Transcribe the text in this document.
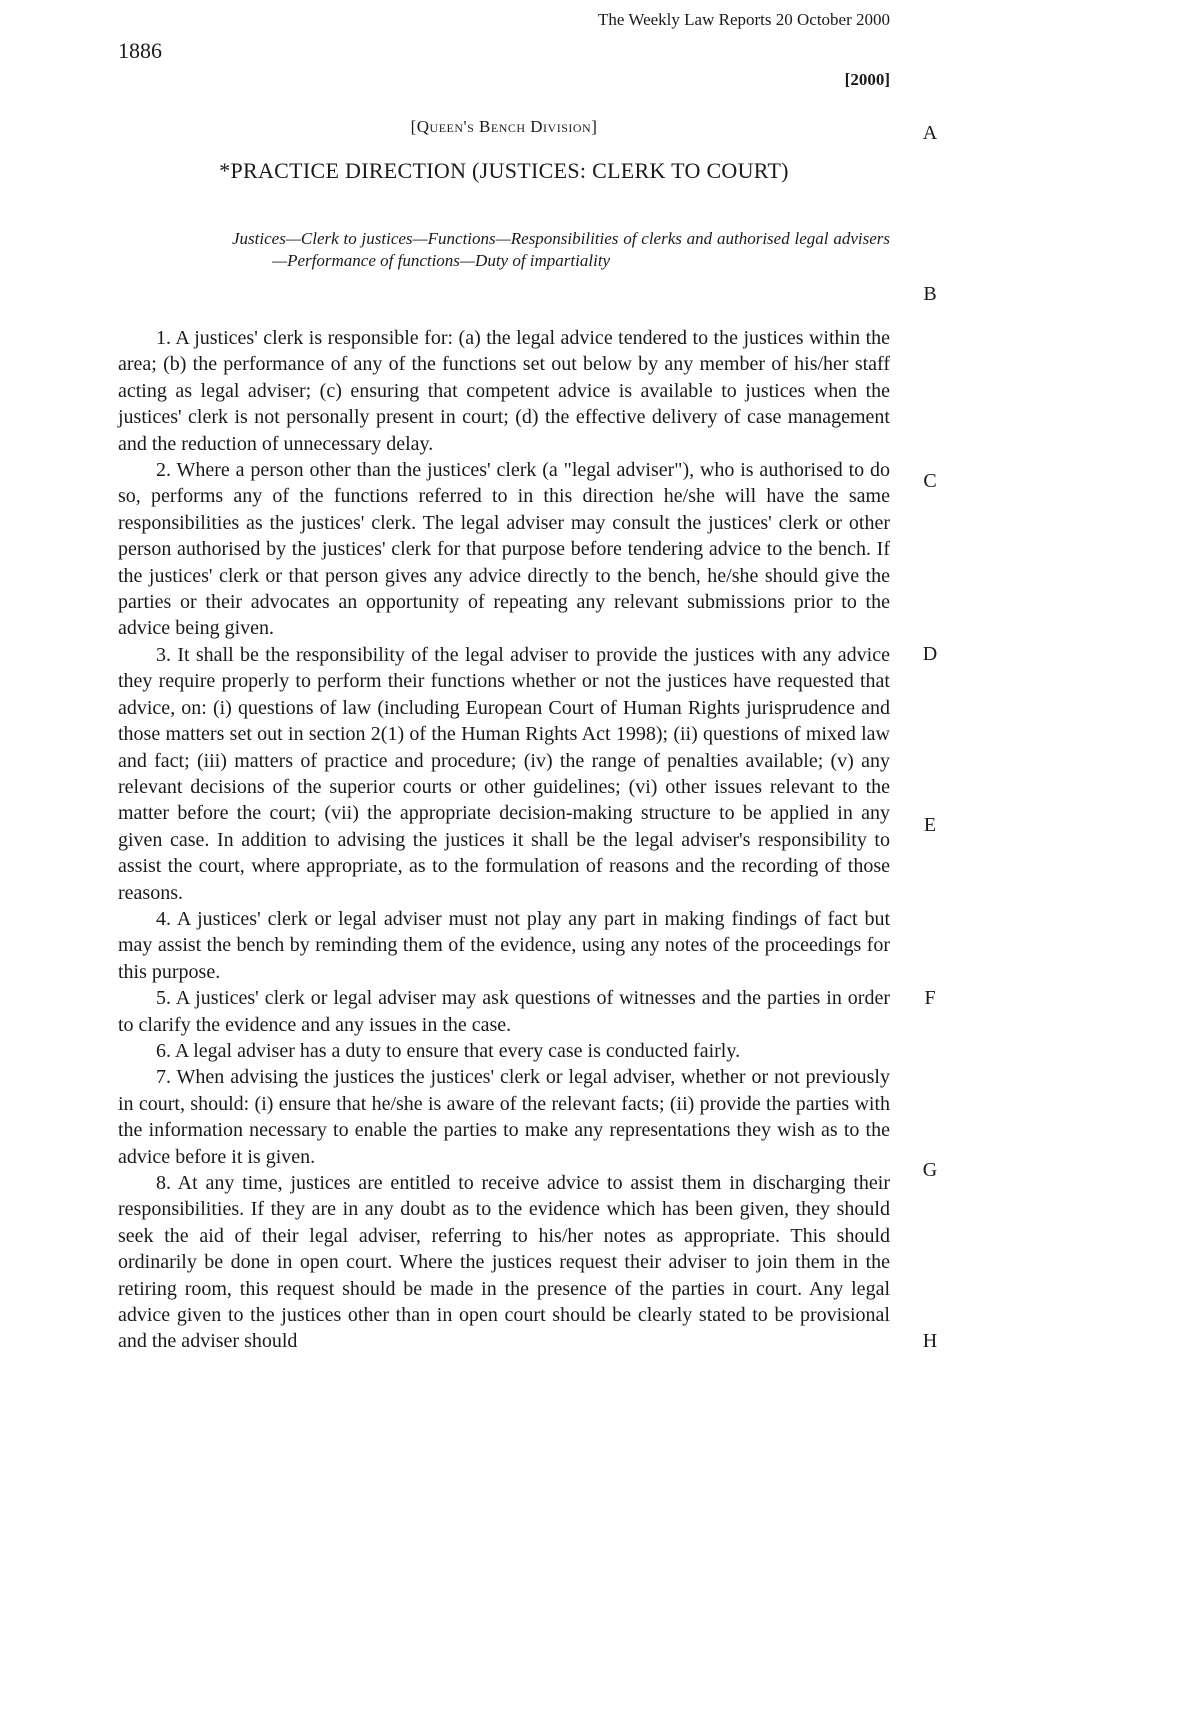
The Weekly Law Reports 20 October 2000
1886
[2000]
[Queen's Bench Division]
*PRACTICE DIRECTION (JUSTICES: CLERK TO COURT)
Justices—Clerk to justices—Functions—Responsibilities of clerks and authorised legal advisers—Performance of functions—Duty of impartiality

1. A justices' clerk is responsible for: (a) the legal advice tendered to the justices within the area; (b) the performance of any of the functions set out below by any member of his/her staff acting as legal adviser; (c) ensuring that competent advice is available to justices when the justices' clerk is not personally present in court; (d) the effective delivery of case management and the reduction of unnecessary delay.

2. Where a person other than the justices' clerk (a "legal adviser"), who is authorised to do so, performs any of the functions referred to in this direction he/she will have the same responsibilities as the justices' clerk. The legal adviser may consult the justices' clerk or other person authorised by the justices' clerk for that purpose before tendering advice to the bench. If the justices' clerk or that person gives any advice directly to the bench, he/she should give the parties or their advocates an opportunity of repeating any relevant submissions prior to the advice being given.

3. It shall be the responsibility of the legal adviser to provide the justices with any advice they require properly to perform their functions whether or not the justices have requested that advice, on: (i) questions of law (including European Court of Human Rights jurisprudence and those matters set out in section 2(1) of the Human Rights Act 1998); (ii) questions of mixed law and fact; (iii) matters of practice and procedure; (iv) the range of penalties available; (v) any relevant decisions of the superior courts or other guidelines; (vi) other issues relevant to the matter before the court; (vii) the appropriate decision-making structure to be applied in any given case. In addition to advising the justices it shall be the legal adviser's responsibility to assist the court, where appropriate, as to the formulation of reasons and the recording of those reasons.

4. A justices' clerk or legal adviser must not play any part in making findings of fact but may assist the bench by reminding them of the evidence, using any notes of the proceedings for this purpose.

5. A justices' clerk or legal adviser may ask questions of witnesses and the parties in order to clarify the evidence and any issues in the case.

6. A legal adviser has a duty to ensure that every case is conducted fairly.

7. When advising the justices the justices' clerk or legal adviser, whether or not previously in court, should: (i) ensure that he/she is aware of the relevant facts; (ii) provide the parties with the information necessary to enable the parties to make any representations they wish as to the advice before it is given.

8. At any time, justices are entitled to receive advice to assist them in discharging their responsibilities. If they are in any doubt as to the evidence which has been given, they should seek the aid of their legal adviser, referring to his/her notes as appropriate. This should ordinarily be done in open court. Where the justices request their adviser to join them in the retiring room, this request should be made in the presence of the parties in court. Any legal advice given to the justices other than in open court should be clearly stated to be provisional and the adviser should

A
B
C
D
E
F
G
H
